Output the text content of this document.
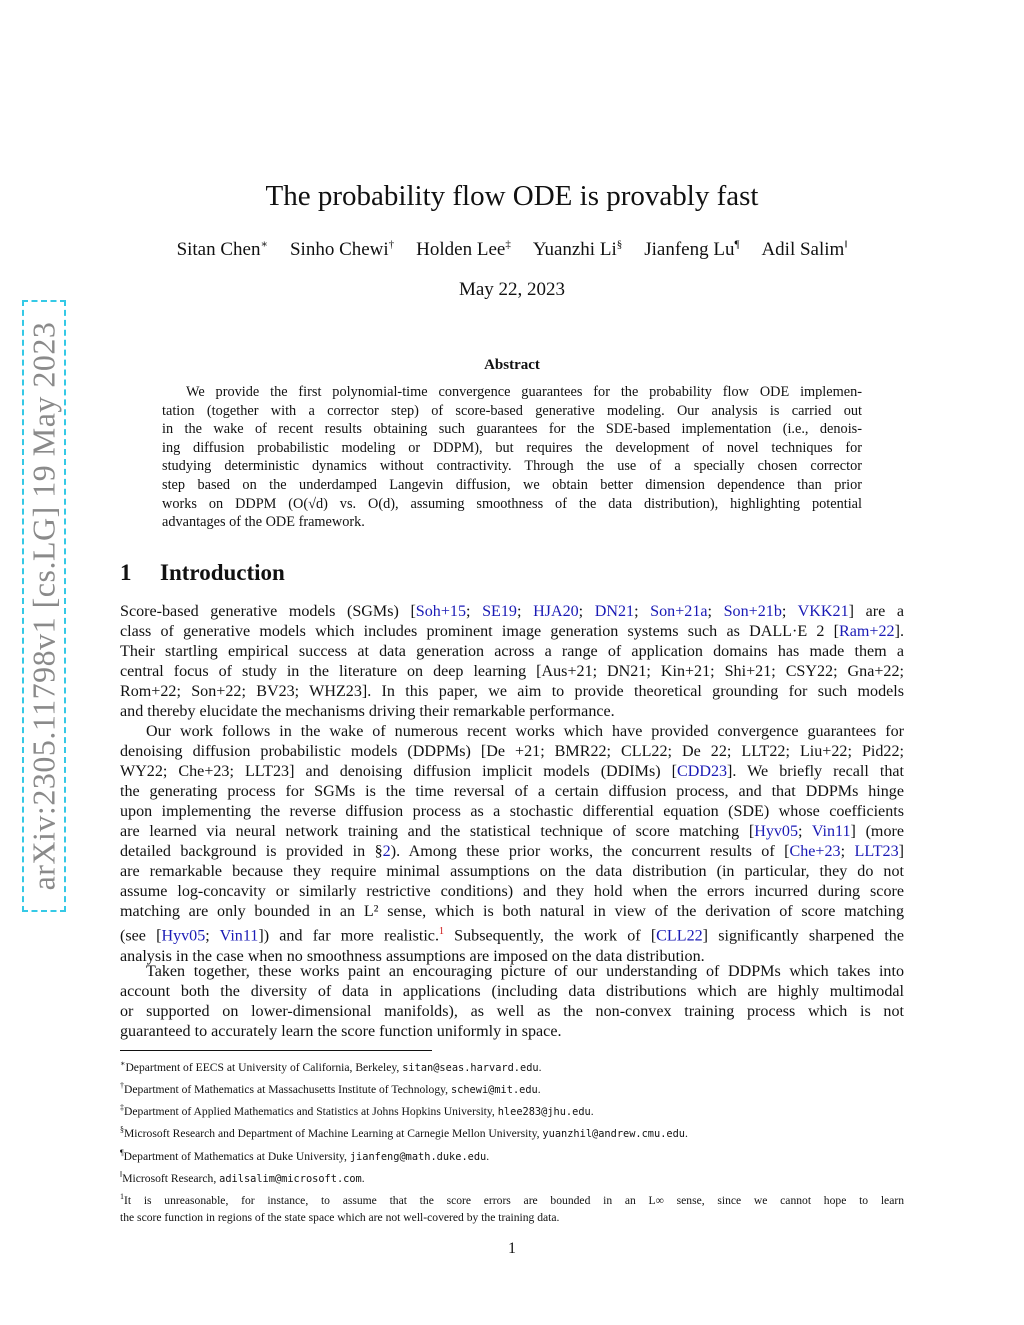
arXiv:2305.11798v1 [cs.LG] 19 May 2023
The probability flow ODE is provably fast
Sitan Chen∗ Sinho Chewi† Holden Lee‡ Yuanzhi Li§ Jianfeng Lu¶ Adil Salim‖
May 22, 2023
Abstract
We provide the first polynomial-time convergence guarantees for the probability flow ODE implemen-
tation (together with a corrector step) of score-based generative modeling. Our analysis is carried out
in the wake of recent results obtaining such guarantees for the SDE-based implementation (i.e., denois-
ing diffusion probabilistic modeling or DDPM), but requires the development of novel techniques for
studying deterministic dynamics without contractivity. Through the use of a specially chosen corrector
step based on the underdamped Langevin diffusion, we obtain better dimension dependence than prior
works on DDPM (O(√d) vs. O(d), assuming smoothness of the data distribution), highlighting potential
advantages of the ODE framework.
1 Introduction
Score-based generative models (SGMs) [Soh+15; SE19; HJA20; DN21; Son+21a; Son+21b; VKK21] are a
class of generative models which includes prominent image generation systems such as DALL·E 2 [Ram+22].
Their startling empirical success at data generation across a range of application domains has made them a
central focus of study in the literature on deep learning [Aus+21; DN21; Kin+21; Shi+21; CSY22; Gna+22;
Rom+22; Son+22; BV23; WHZ23]. In this paper, we aim to provide theoretical grounding for such models
and thereby elucidate the mechanisms driving their remarkable performance.
Our work follows in the wake of numerous recent works which have provided convergence guarantees for
denoising diffusion probabilistic models (DDPMs) [De +21; BMR22; CLL22; De 22; LLT22; Liu+22; Pid22;
WY22; Che+23; LLT23] and denoising diffusion implicit models (DDIMs) [CDD23]. We briefly recall that
the generating process for SGMs is the time reversal of a certain diffusion process, and that DDPMs hinge
upon implementing the reverse diffusion process as a stochastic differential equation (SDE) whose coefficients
are learned via neural network training and the statistical technique of score matching [Hyv05; Vin11] (more
detailed background is provided in §2). Among these prior works, the concurrent results of [Che+23; LLT23]
are remarkable because they require minimal assumptions on the data distribution (in particular, they do not
assume log-concavity or similarly restrictive conditions) and they hold when the errors incurred during score
matching are only bounded in an L² sense, which is both natural in view of the derivation of score matching
(see [Hyv05; Vin11]) and far more realistic.$^1$ Subsequently, the work of [CLL22] significantly sharpened the
analysis in the case when no smoothness assumptions are imposed on the data distribution.
Taken together, these works paint an encouraging picture of our understanding of DDPMs which takes into
account both the diversity of data in applications (including data distributions which are highly multimodal
or supported on lower-dimensional manifolds), as well as the non-convex training process which is not
guaranteed to accurately learn the score function uniformly in space.
∗Department of EECS at University of California, Berkeley, sitan@seas.harvard.edu.
†Department of Mathematics at Massachusetts Institute of Technology, schewi@mit.edu.
‡Department of Applied Mathematics and Statistics at Johns Hopkins University, hlee283@jhu.edu.
§Microsoft Research and Department of Machine Learning at Carnegie Mellon University, yuanzhil@andrew.cmu.edu.
¶Department of Mathematics at Duke University, jianfeng@math.duke.edu.
‖Microsoft Research, adilsalim@microsoft.com.
$^1$It is unreasonable, for instance, to assume that the score errors are bounded in an L∞ sense, since we cannot hope to learn
the score function in regions of the state space which are not well-covered by the training data.
1
